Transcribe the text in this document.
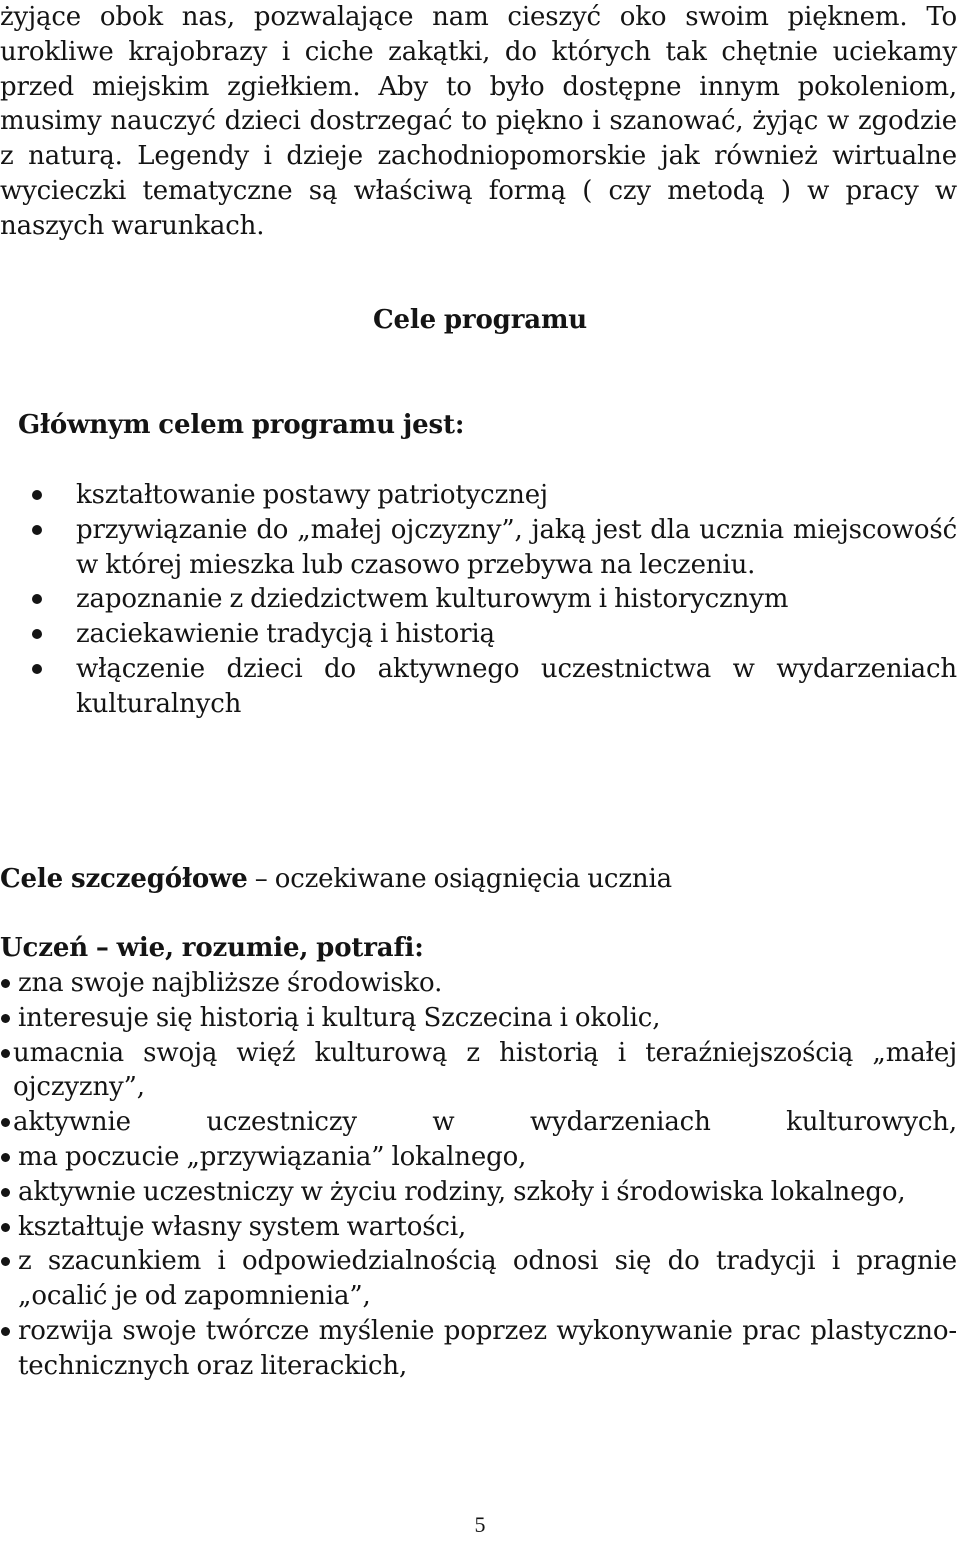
żyjące obok nas, pozwalające nam cieszyć oko swoim pięknem. To urokliwe krajobrazy i ciche zakątki, do których tak chętnie uciekamy przed miejskim zgiełkiem. Aby to było dostępne innym pokoleniom, musimy nauczyć dzieci dostrzegać to piękno i szanować, żyjąc w zgodzie z naturą. Legendy i dzieje zachodniopomorskie jak również wirtualne wycieczki tematyczne są właściwą formą ( czy metodą ) w pracy w naszych warunkach.

Cele programu
Głównym celem programu jest:
kształtowanie postawy patriotycznej
przywiązanie do „małej ojczyzny”, jaką jest dla ucznia miejscowość w której mieszka lub czasowo przebywa na leczeniu.
zapoznanie z dziedzictwem kulturowym i historycznym
zaciekawienie tradycją i historią
włączenie dzieci do aktywnego uczestnictwa w wydarzeniach kulturalnych
Cele szczegółowe – oczekiwane osiągnięcia ucznia
Uczeń – wie, rozumie, potrafi:
zna swoje najbliższe środowisko.
interesuje się historią i kulturą Szczecina i okolic,
umacnia swoją więź kulturową z historią i teraźniejszością „małej ojczyzny”,
aktywnie uczestniczy w wydarzeniach kulturowych,
ma poczucie „przywiązania” lokalnego,
aktywnie uczestniczy w życiu rodziny, szkoły i środowiska lokalnego,
kształtuje własny system wartości,
z szacunkiem i odpowiedzialnością odnosi się do tradycji i pragnie „ocalić je od zapomnienia”,
rozwija swoje twórcze myślenie poprzez wykonywanie prac plastyczno-technicznych oraz literackich,
5
